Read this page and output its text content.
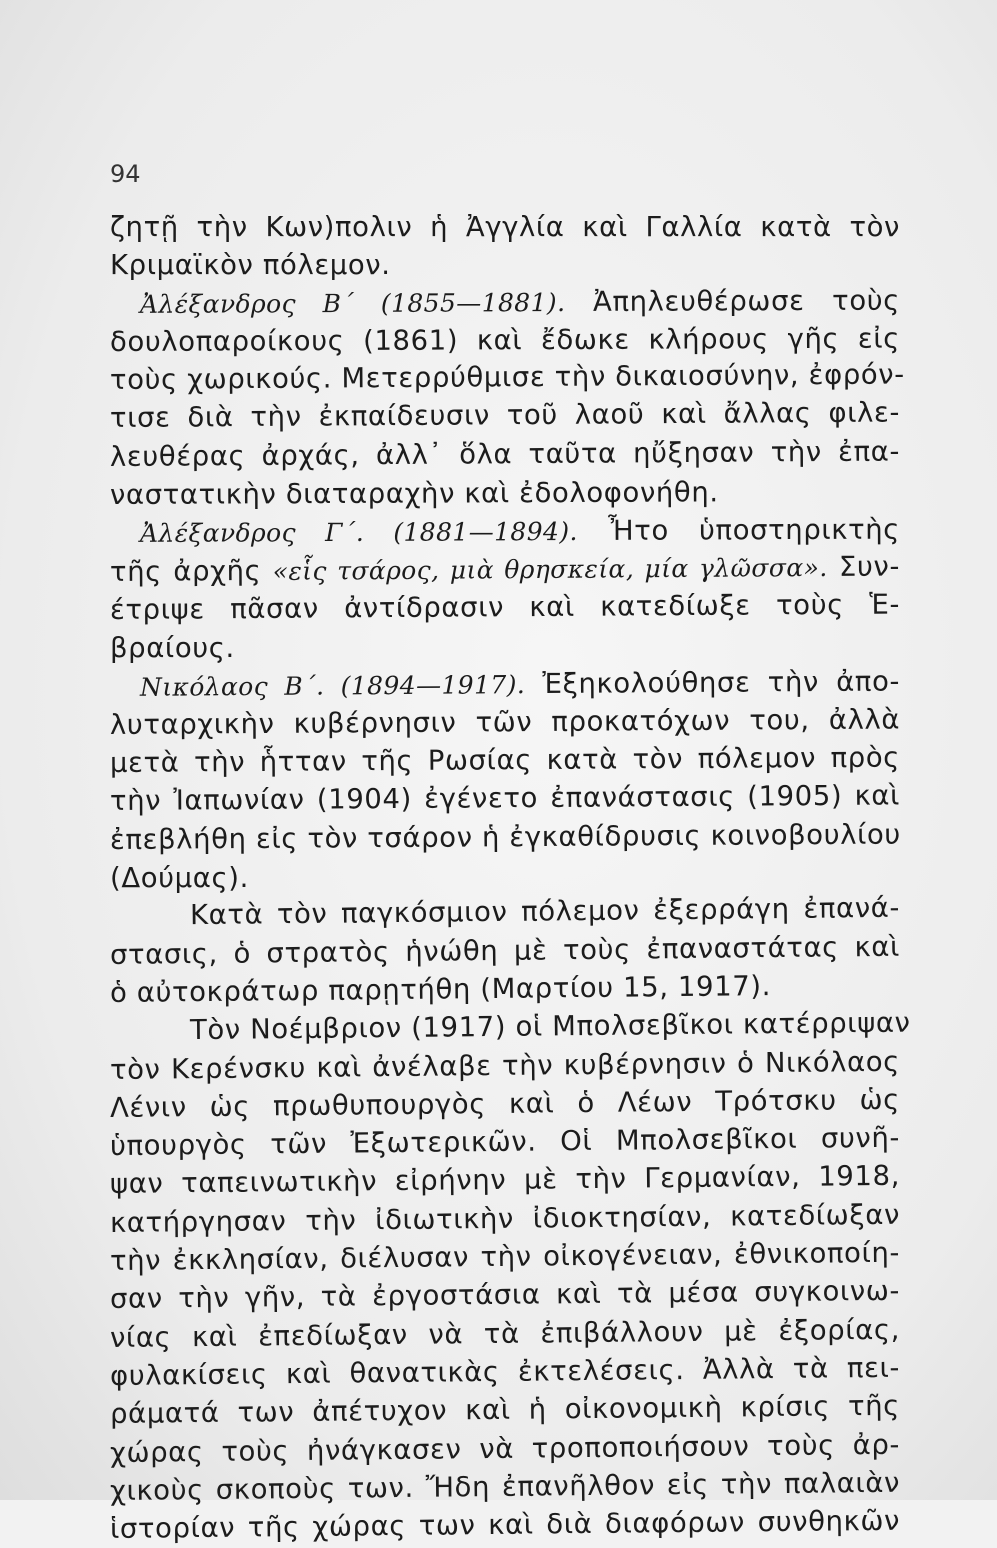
94
ζητῇ τὴν Κων)πολιν ἡ Ἀγγλία καὶ Γαλλία κατὰ τὸν
Κριμαϊκὸν πόλεμον.
Ἀλέξανδρος Β΄ (1855—1881). Ἀπηλευθέρωσε τοὺς
δουλοπαροίκους (1861) καὶ ἔδωκε κλήρους γῆς εἰς
τοὺς χωρικούς. Μετερρύθμισε τὴν δικαιοσύνην, ἐφρόν-
τισε διὰ τὴν ἐκπαίδευσιν τοῦ λαοῦ καὶ ἄλλας φιλε-
λευθέρας ἀρχάς, ἀλλ᾽ ὅλα ταῦτα ηὔξησαν τὴν ἐπα-
ναστατικὴν διαταραχὴν καὶ ἐδολοφονήθη.
Ἀλέξανδρος Γ΄. (1881—1894). Ἦτο ὑποστηρικτὴς
τῆς ἀρχῆς «εἷς τσάρος, μιὰ θρησκεία, μία γλῶσσα». Συν-
έτριψε πᾶσαν ἀντίδρασιν καὶ κατεδίωξε τοὺς Ἑ-
βραίους.
Νικόλαος Β΄. (1894—1917). Ἐξηκολούθησε τὴν ἀπο-
λυταρχικὴν κυβέρνησιν τῶν προκατόχων του, ἀλλὰ
μετὰ τὴν ἧτταν τῆς Ρωσίας κατὰ τὸν πόλεμον πρὸς
τὴν Ἰαπωνίαν (1904) ἐγένετο ἐπανάστασις (1905) καὶ
ἐπεβλήθη εἰς τὸν τσάρον ἡ ἐγκαθίδρυσις κοινοβουλίου
(Δούμας).
Κατὰ τὸν παγκόσμιον πόλεμον ἐξερράγη ἐπανά-
στασις, ὁ στρατὸς ἡνώθη μὲ τοὺς ἐπαναστάτας καὶ
ὁ αὐτοκράτωρ παρῃτήθη (Μαρτίου 15, 1917).
Τὸν Νοέμβριον (1917) οἱ Μπολσεβῖκοι κατέρριψαν
τὸν Κερένσκυ καὶ ἀνέλαβε τὴν κυβέρνησιν ὁ Νικόλαος
Λένιν ὡς πρωθυπουργὸς καὶ ὁ Λέων Τρότσκυ ὡς
ὑπουργὸς τῶν Ἐξωτερικῶν. Οἱ Μπολσεβῖκοι συνῆ-
ψαν ταπεινωτικὴν εἰρήνην μὲ τὴν Γερμανίαν, 1918,
κατήργησαν τὴν ἰδιωτικὴν ἰδιοκτησίαν, κατεδίωξαν
τὴν ἐκκλησίαν, διέλυσαν τὴν οἰκογένειαν, ἐθνικοποίη-
σαν τὴν γῆν, τὰ ἐργοστάσια καὶ τὰ μέσα συγκοινω-
νίας καὶ ἐπεδίωξαν νὰ τὰ ἐπιβάλλουν μὲ ἐξορίας,
φυλακίσεις καὶ θανατικὰς ἐκτελέσεις. Ἀλλὰ τὰ πει-
ράματά των ἀπέτυχον καὶ ἡ οἰκονομικὴ κρίσις τῆς
χώρας τοὺς ἠνάγκασεν νὰ τροποποιήσουν τοὺς ἀρ-
χικοὺς σκοποὺς των. Ἤδη ἐπανῆλθον εἰς τὴν παλαιὰν
ἱστορίαν τῆς χώρας των καὶ διὰ διαφόρων συνθηκῶν
